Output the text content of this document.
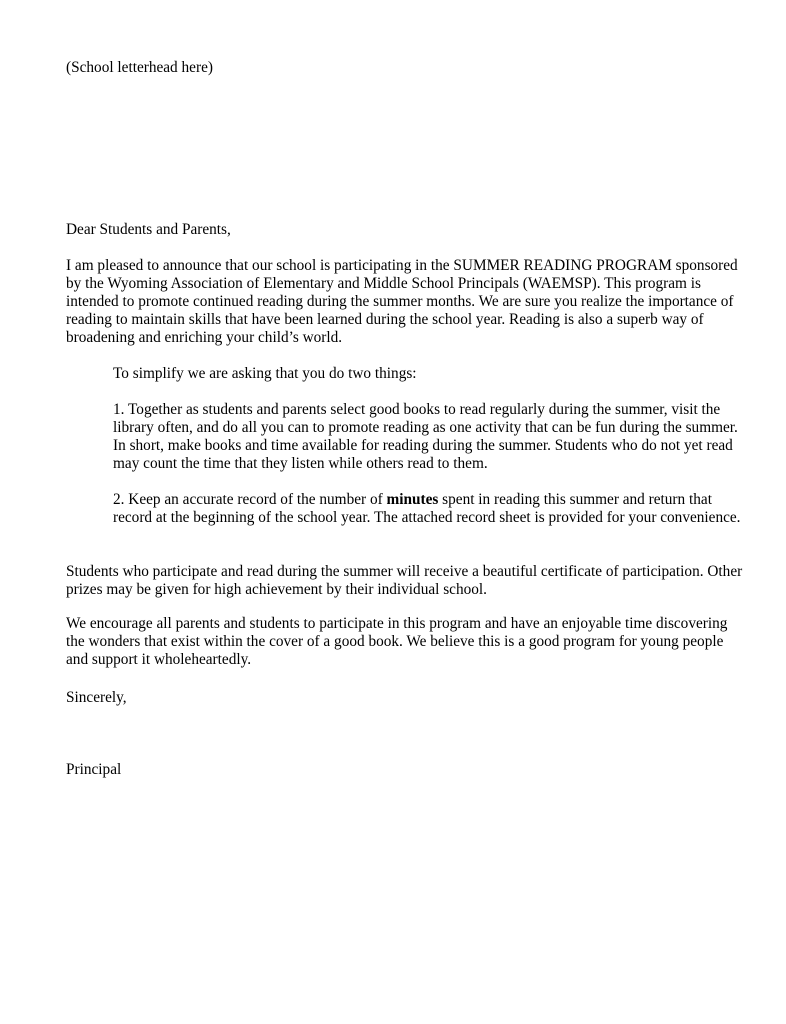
(School letterhead here)

Dear Students and Parents,

I am pleased to announce that our school is participating in the SUMMER READING PROGRAM sponsored by the Wyoming Association of Elementary and Middle School Principals (WAEMSP). This program is intended to promote continued reading during the summer months. We are sure you realize the importance of reading to maintain skills that have been learned during the school year. Reading is also a superb way of broadening and enriching your child’s world.

To simplify we are asking that you do two things:

1. Together as students and parents select good books to read regularly during the summer, visit the library often, and do all you can to promote reading as one activity that can be fun during the summer. In short, make books and time available for reading during the summer. Students who do not yet read may count the time that they listen while others read to them.

2. Keep an accurate record of the number of minutes spent in reading this summer and return that record at the beginning of the school year. The attached record sheet is provided for your convenience.

Students who participate and read during the summer will receive a beautiful certificate of participation. Other prizes may be given for high achievement by their individual school.

We encourage all parents and students to participate in this program and have an enjoyable time discovering the wonders that exist within the cover of a good book. We believe this is a good program for young people and support it wholeheartedly.

Sincerely,

Principal
